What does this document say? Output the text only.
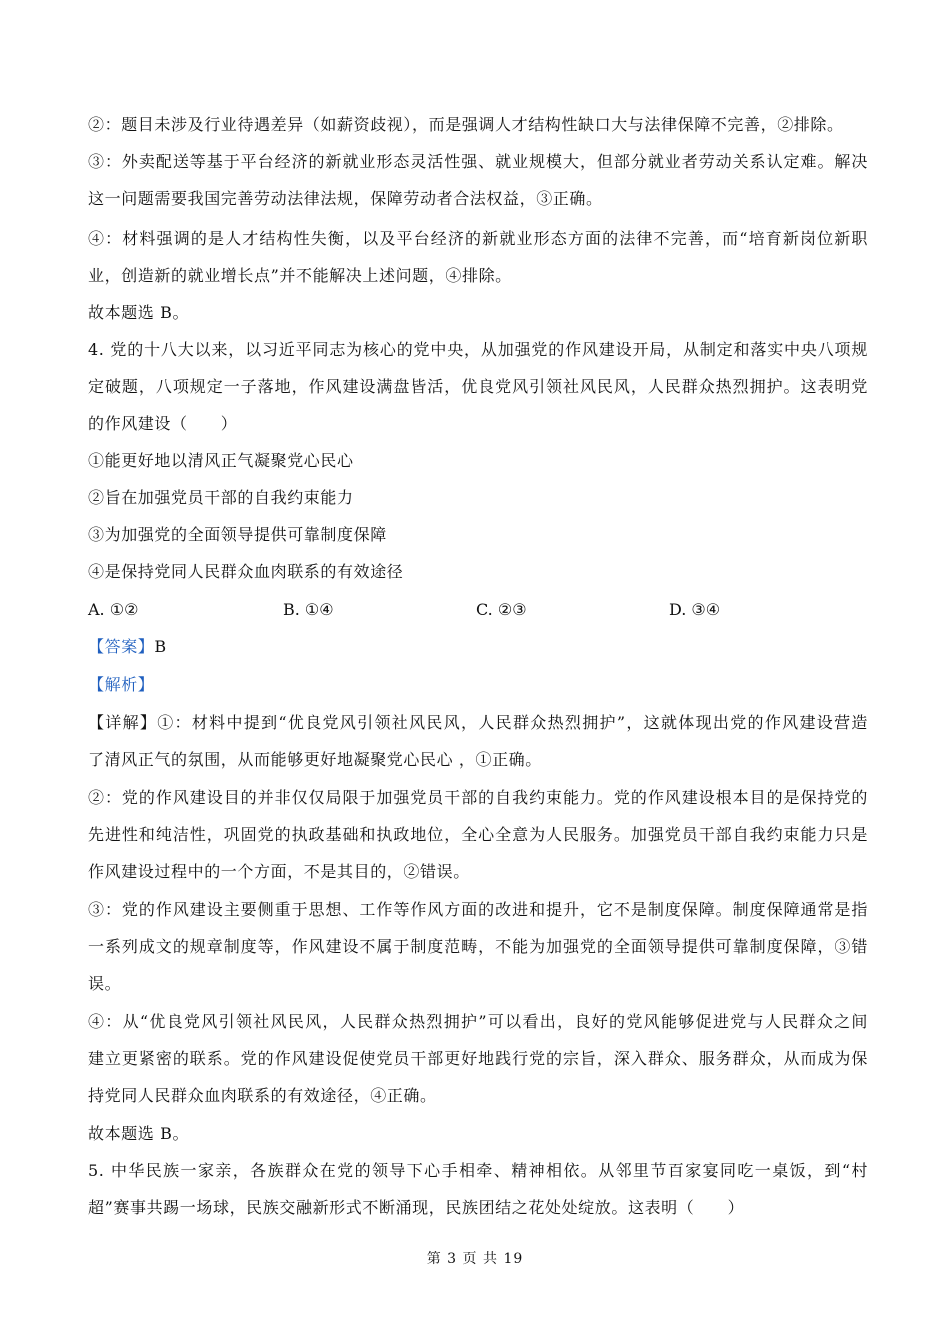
②：题目未涉及行业待遇差异（如薪资歧视），而是强调人才结构性缺口大与法律保障不完善，②排除。
③：外卖配送等基于平台经济的新就业形态灵活性强、就业规模大，但部分就业者劳动关系认定难。解决
这一问题需要我国完善劳动法律法规，保障劳动者合法权益，③正确。
④：材料强调的是人才结构性失衡，以及平台经济的新就业形态方面的法律不完善，而“培育新岗位新职
业，创造新的就业增长点”并不能解决上述问题，④排除。
故本题选 B。
4. 党的十八大以来，以习近平同志为核心的党中央，从加强党的作风建设开局，从制定和落实中央八项规
定破题，八项规定一子落地，作风建设满盘皆活，优良党风引领社风民风，人民群众热烈拥护。这表明党
的作风建设（　　）
①能更好地以清风正气凝聚党心民心
②旨在加强党员干部的自我约束能力
③为加强党的全面领导提供可靠制度保障
④是保持党同人民群众血肉联系的有效途径
A. ①②	B. ①④	C. ②③	D. ③④
【答案】B
【解析】
【详解】①：材料中提到“优良党风引领社风民风，人民群众热烈拥护”，这就体现出党的作风建设营造
了清风正气的氛围，从而能够更好地凝聚党心民心 ，①正确。
②：党的作风建设目的并非仅仅局限于加强党员干部的自我约束能力。党的作风建设根本目的是保持党的
先进性和纯洁性，巩固党的执政基础和执政地位，全心全意为人民服务。加强党员干部自我约束能力只是
作风建设过程中的一个方面，不是其目的，②错误。
③：党的作风建设主要侧重于思想、工作等作风方面的改进和提升，它不是制度保障。制度保障通常是指
一系列成文的规章制度等，作风建设不属于制度范畴，不能为加强党的全面领导提供可靠制度保障，③错
误。
④：从“优良党风引领社风民风，人民群众热烈拥护”可以看出，良好的党风能够促进党与人民群众之间
建立更紧密的联系。党的作风建设促使党员干部更好地践行党的宗旨，深入群众、服务群众，从而成为保
持党同人民群众血肉联系的有效途径，④正确。
故本题选 B。
5. 中华民族一家亲，各族群众在党的领导下心手相牵、精神相依。从邻里节百家宴同吃一桌饭，到“村
超”赛事共踢一场球，民族交融新形式不断涌现，民族团结之花处处绽放。这表明（　　）
第 3 页 共 19
